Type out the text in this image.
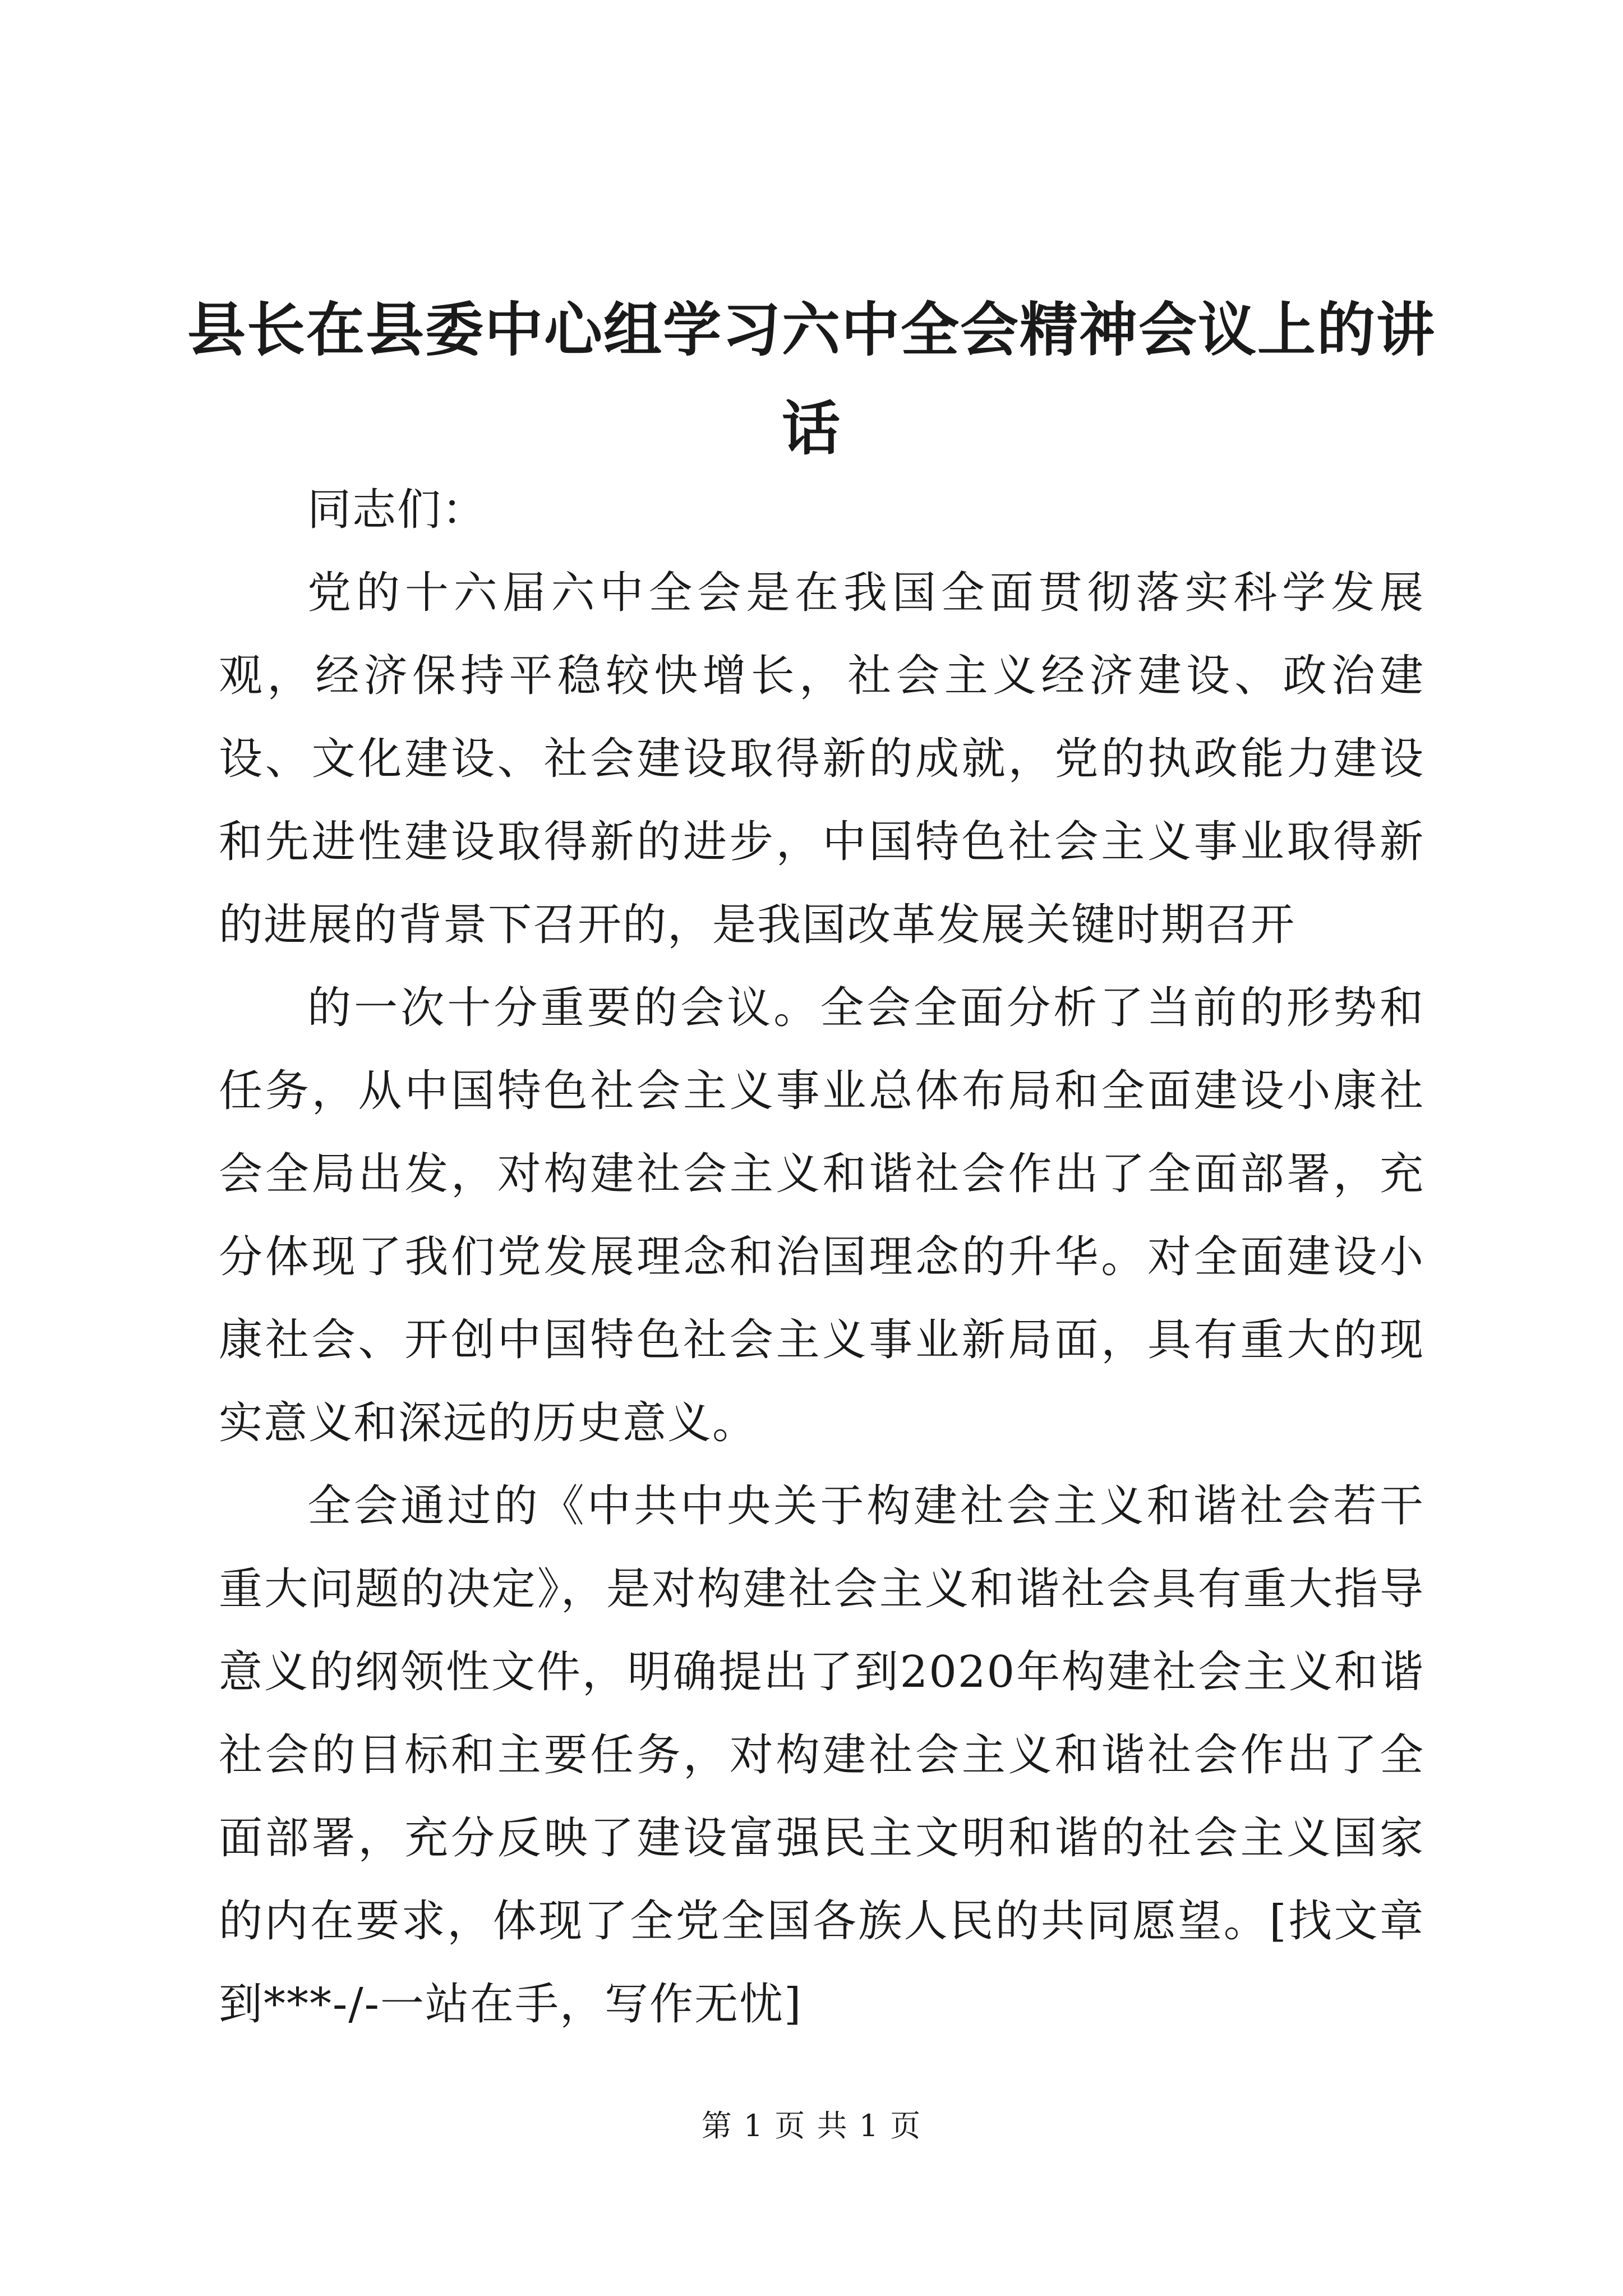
县长在县委中心组学习六中全会精神会议上的讲话

同志们：

党的十六届六中全会是在我国全面贯彻落实科学发展观，经济保持平稳较快增长，社会主义经济建设、政治建设、文化建设、社会建设取得新的成就，党的执政能力建设和先进性建设取得新的进步，中国特色社会主义事业取得新的进展的背景下召开的，是我国改革发展关键时期召开

的一次十分重要的会议。全会全面分析了当前的形势和任务，从中国特色社会主义事业总体布局和全面建设小康社会全局出发，对构建社会主义和谐社会作出了全面部署，充分体现了我们党发展理念和治国理念的升华。对全面建设小康社会、开创中国特色社会主义事业新局面，具有重大的现实意义和深远的历史意义。

全会通过的《中共中央关于构建社会主义和谐社会若干重大问题的决定》，是对构建社会主义和谐社会具有重大指导意义的纲领性文件，明确提出了到2020年构建社会主义和谐社会的目标和主要任务，对构建社会主义和谐社会作出了全面部署，充分反映了建设富强民主文明和谐的社会主义国家的内在要求，体现了全党全国各族人民的共同愿望。[找文章到***-/-一站在手，写作无忧]

第 1 页 共 1 页
